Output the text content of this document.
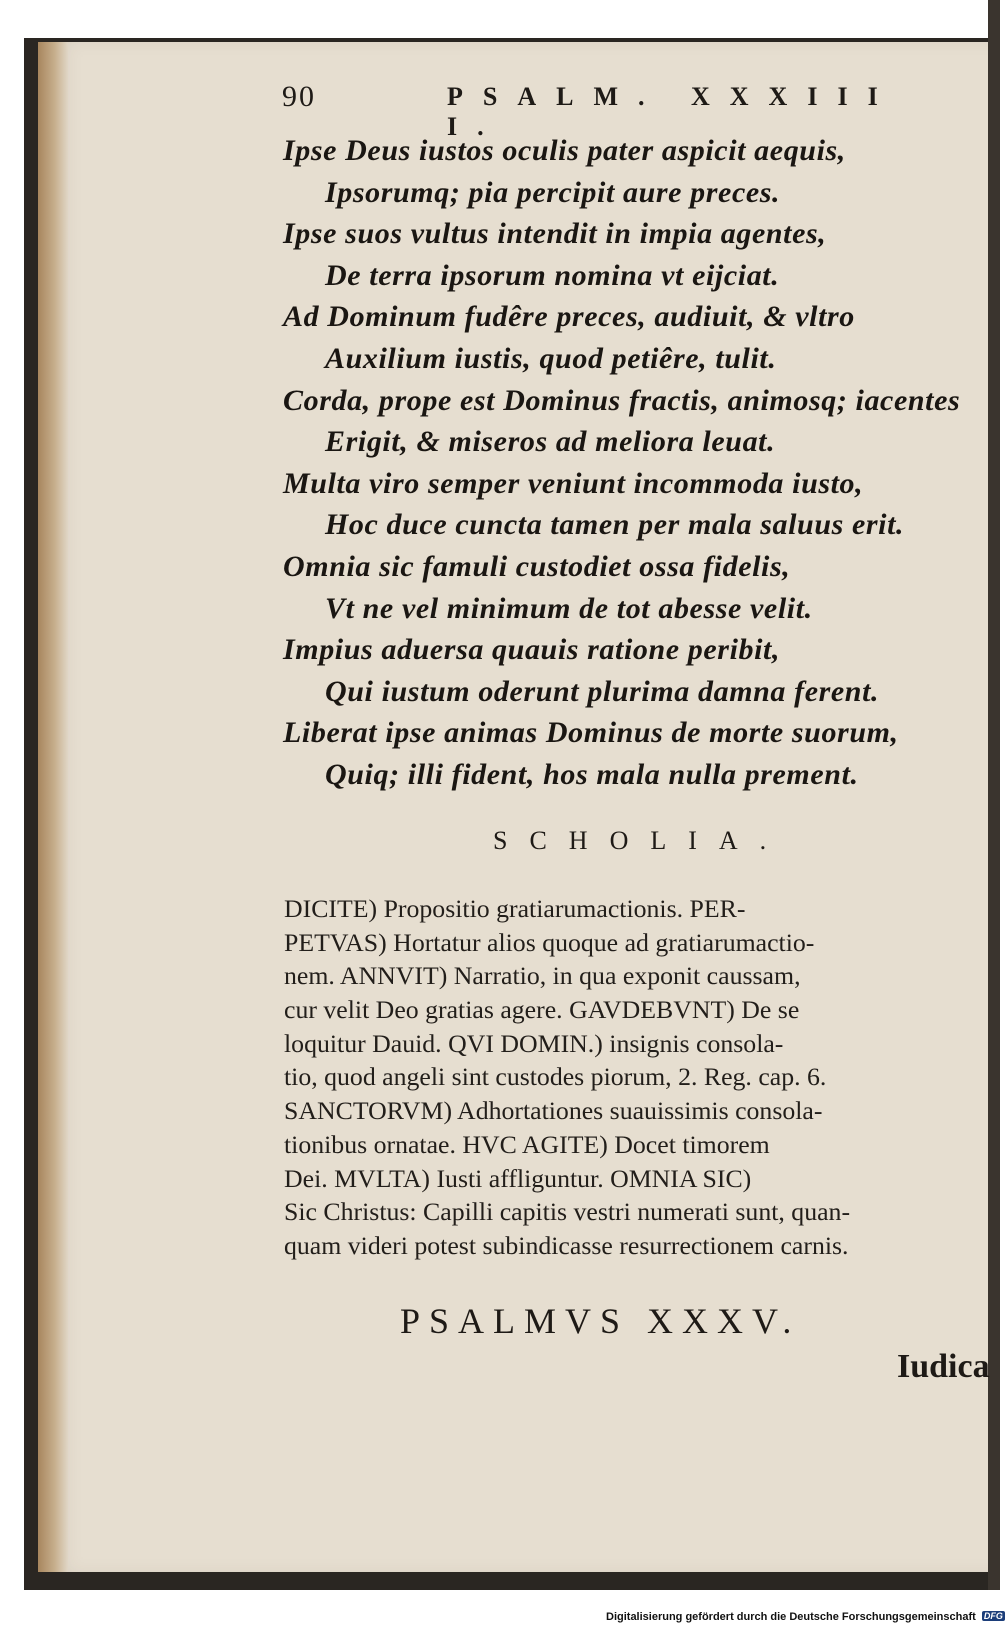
90	PSALM. XXXIII I.
Ipse Deus iustos oculis pater aspicit aequis,
Ipsorumq; pia percipit aure preces.
Ipse suos vultus intendit in impia agentes,
De terra ipsorum nomina vt eijciat.
Ad Dominum fudêre preces, audiuit, & vltro
Auxilium iustis, quod petiêre, tulit.
Corda, prope est Dominus fractis, animosq; iacentes
Erigit, & miseros ad meliora leuat.
Multa viro semper veniunt incommoda iusto,
Hoc duce cuncta tamen per mala saluus erit.
Omnia sic famuli custodiet ossa fidelis,
Vt ne vel minimum de tot abesse velit.
Impius aduersa quauis ratione peribit,
Qui iustum oderunt plurima damna ferent.
Liberat ipse animas Dominus de morte suorum,
Quiq; illi fident, hos mala nulla prement.
SCHOLIA.
DICITE) Propositio gratiarumactionis. PER-
PETVAS) Hortatur alios quoque ad gratiarumactio-
nem. ANNVIT) Narratio, in qua exponit caussam,
cur velit Deo gratias agere. GAVDEBVNT) De se
loquitur Dauid. QVI DOMIN.) insignis consola-
tio, quod angeli sint custodes piorum, 2. Reg. cap. 6.
SANCTORVM) Adhortationes suauissimis consola-
tionibus ornatae. HVC AGITE) Docet timorem
Dei. MVLTA) Iusti affliguntur. OMNIA SIC)
Sic Christus: Capilli capitis vestri numerati sunt, quan-
quam videri potest subindicasse resurrectionem carnis.
PSALMVS XXXV.
Iudica
Digitalisierung gefördert durch die Deutsche Forschungsgemeinschaft DFG
